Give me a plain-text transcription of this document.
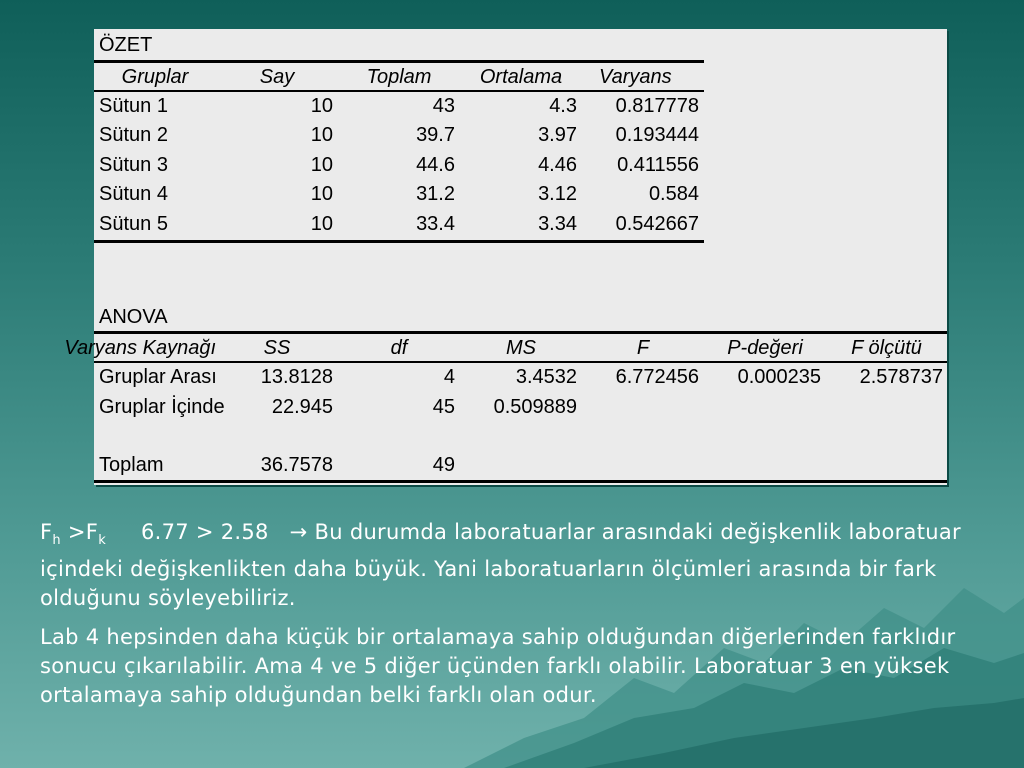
ÖZET
Gruplar	Say	Toplam	Ortalama	Varyans
Sütun 1	10	43	4.3	0.817778
Sütun 2	10	39.7	3.97	0.193444
Sütun 3	10	44.6	4.46	0.411556
Sütun 4	10	31.2	3.12	0.584
Sütun 5	10	33.4	3.34	0.542667
ANOVA
Varyans Kaynağı	SS	df	MS	F	P-değeri	F ölçütü
Gruplar Arası	13.8128	4	3.4532	6.772456	0.000235	2.578737
Gruplar İçinde	22.945	45	0.509889
Toplam	36.7578	49

$F_h >F_k$ 6.77 > 2.58 → Bu durumda laboratuarlar arasındaki değişkenlik laboratuar içindeki değişkenlikten daha büyük. Yani laboratuarların ölçümleri arasında bir fark olduğunu söyleyebiliriz.

Lab 4 hepsinden daha küçük bir ortalamaya sahip olduğundan diğerlerinden farklıdır sonucu çıkarılabilir. Ama 4 ve 5 diğer üçünden farklı olabilir. Laboratuar 3 en yüksek ortalamaya sahip olduğundan belki farklı olan odur.
